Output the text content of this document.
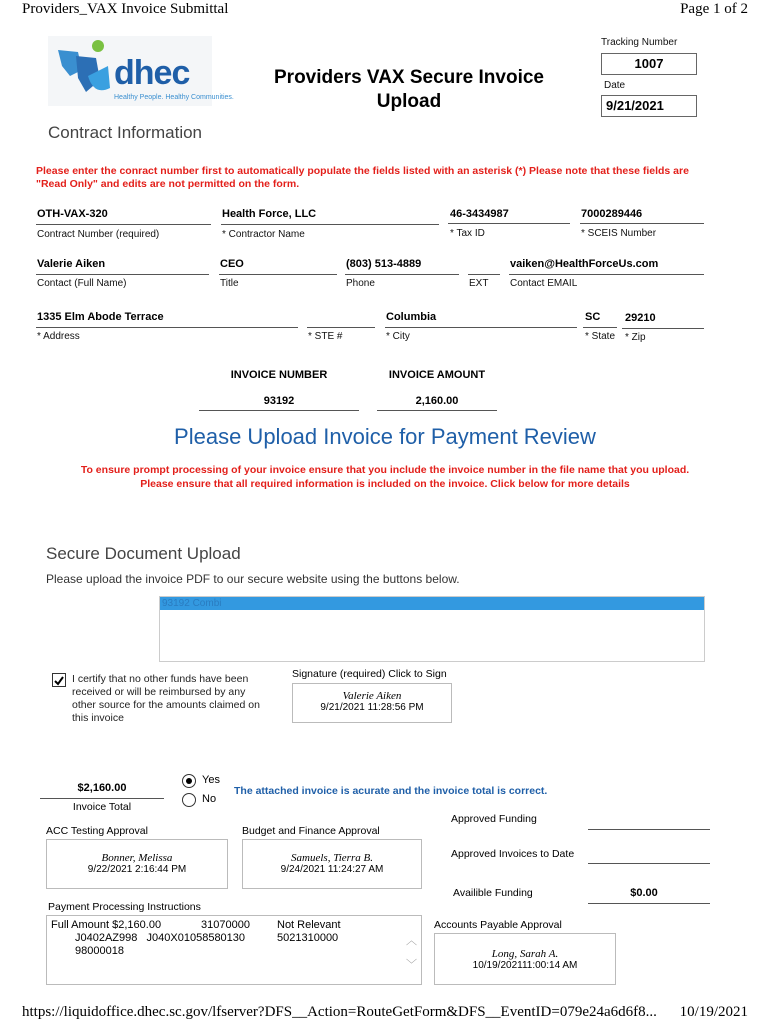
Providers_VAX Invoice Submittal	Page 1 of 2
dhec
Healthy People. Healthy Communities.
Providers VAX Secure Invoice
Upload
Tracking Number
1007
Date
9/21/2021
Contract Information
Please enter the conract number first to automatically populate the fields listed with an asterisk (*) Please note that these fields are "Read Only" and edits are not permitted on the form.
OTH-VAX-320
Contract Number (required)
Health Force, LLC
* Contractor Name
46-3434987
* Tax ID
7000289446
* SCEIS Number
Valerie Aiken
Contact (Full Name)
CEO
Title
(803) 513-4889
Phone	EXT
vaiken@HealthForceUs.com
Contact EMAIL
1335 Elm Abode Terrace
* Address	* STE #
Columbia
* City
SC
* State
29210
* Zip
INVOICE NUMBER
93192
INVOICE AMOUNT
2,160.00
Please Upload Invoice for Payment Review
To ensure prompt processing of your invoice ensure that you include the invoice number in the file name that you upload.
Please ensure that all required information is included on the invoice. Click below for more details
Secure Document Upload
Please upload the invoice PDF to our secure website using the buttons below.
93192 Combi
I certify that no other funds have been
received or will be reimbursed by any
other source for the amounts claimed on
this invoice
Signature (required) Click to Sign
Valerie Aiken
9/21/2021 11:28:56 PM
$2,160.00
Invoice Total
Yes
No
The attached invoice is acurate and the invoice total is correct.
ACC Testing Approval
Bonner, Melissa
9/22/2021 2:16:44 PM
Budget and Finance Approval
Samuels, Tierra B.
9/24/2021 11:24:27 AM
Approved Funding
Approved Invoices to Date
Availible Funding	$0.00
Payment Processing Instructions
Full Amount $2,160.00	31070000 Not Relevant
J0402AZ998   J040X01058580130	5021310000
98000018
︿
﹀
Accounts Payable Approval
Long, Sarah A.
10/19/202111:00:14 AM
https://liquidoffice.dhec.sc.gov/lfserver?DFS__Action=RouteGetForm&DFS__EventID=079e24a6d6f8... 10/19/2021
